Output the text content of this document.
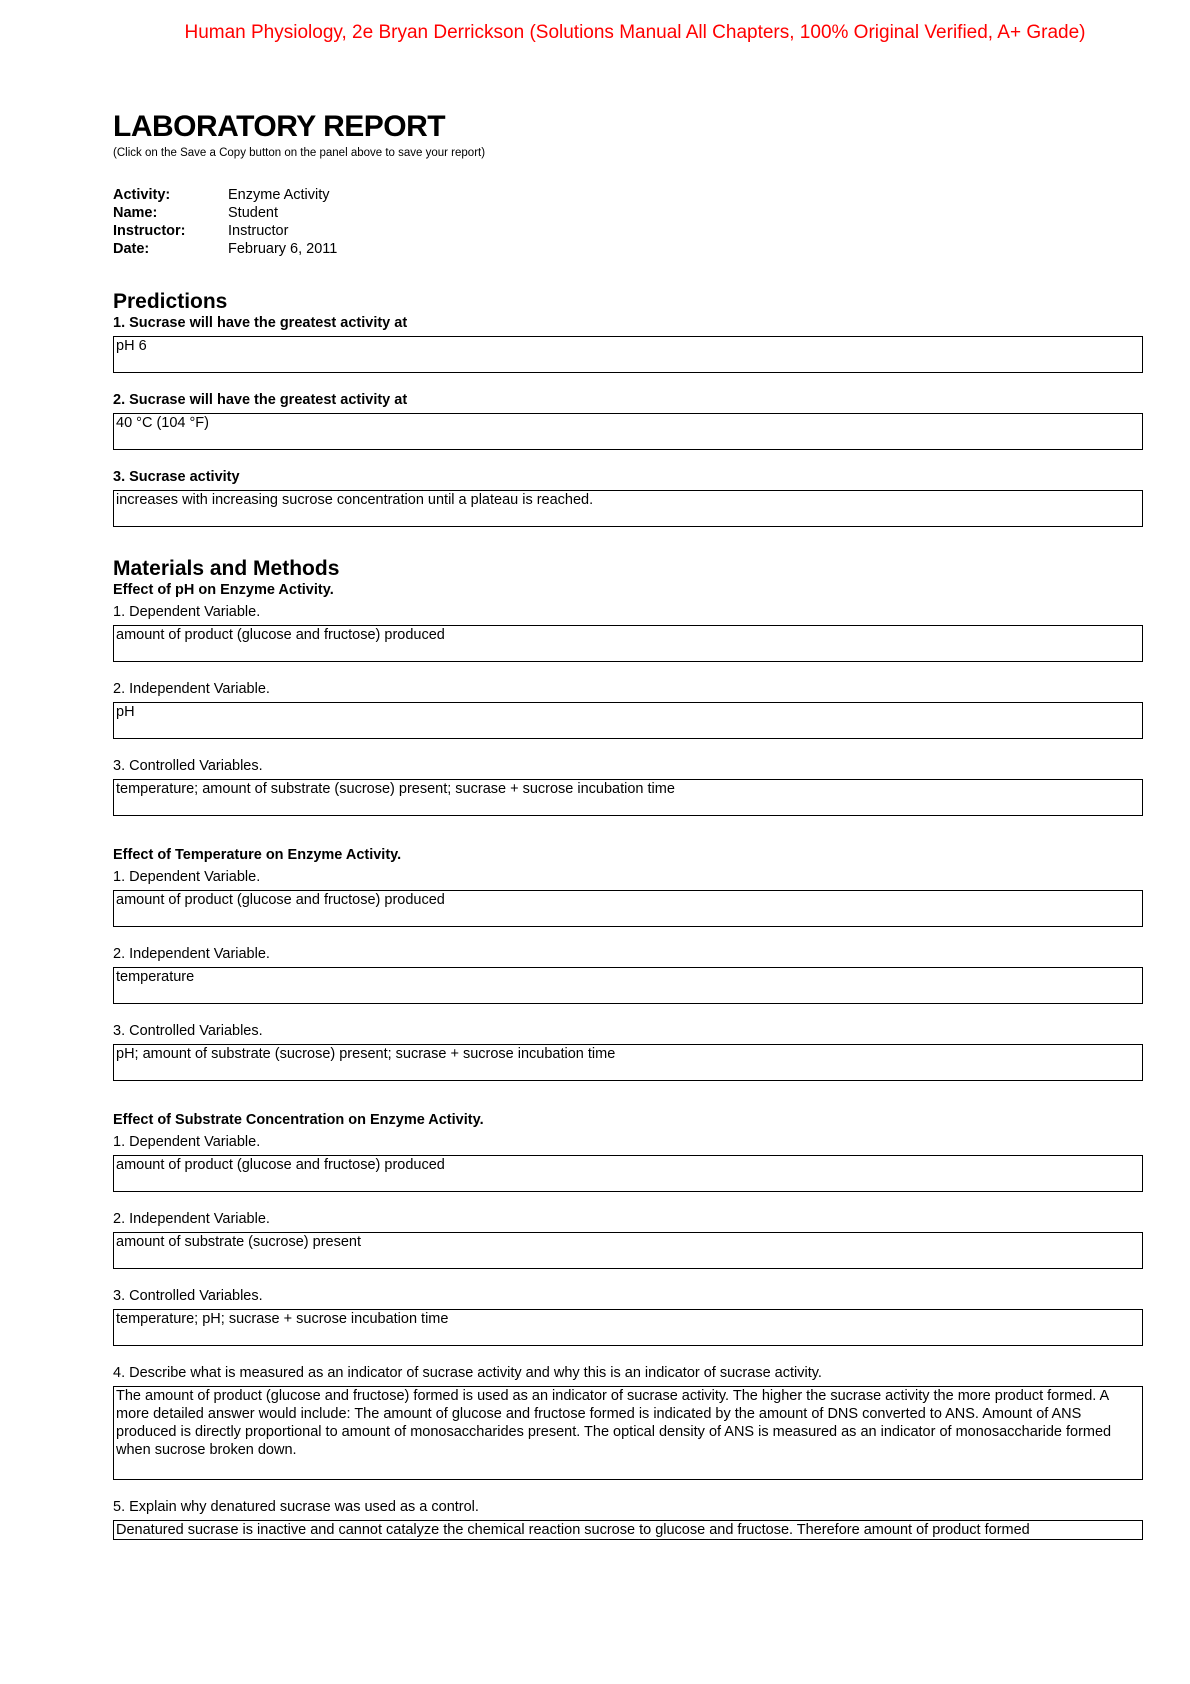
Human Physiology, 2e Bryan Derrickson (Solutions Manual All Chapters, 100% Original Verified, A+ Grade)
LABORATORY REPORT

(Click on the Save a Copy button on the panel above to save your report)

Activity:	Enzyme Activity
Name:	Student
Instructor:	Instructor
Date:	February 6, 2011
Predictions
1. Sucrase will have the greatest activity at
pH 6
2. Sucrase will have the greatest activity at
40 °C (104 °F)
3. Sucrase activity
increases with increasing sucrose concentration until a plateau is reached.
Materials and Methods
Effect of pH on Enzyme Activity.
1. Dependent Variable.
amount of product (glucose and fructose) produced
2. Independent Variable.
pH
3. Controlled Variables.
temperature; amount of substrate (sucrose) present; sucrase + sucrose incubation time
Effect of Temperature on Enzyme Activity.
1. Dependent Variable.
amount of product (glucose and fructose) produced
2. Independent Variable.
temperature
3. Controlled Variables.
pH; amount of substrate (sucrose) present; sucrase + sucrose incubation time
Effect of Substrate Concentration on Enzyme Activity.
1. Dependent Variable.
amount of product (glucose and fructose) produced
2. Independent Variable.
amount of substrate (sucrose) present
3. Controlled Variables.
temperature; pH; sucrase + sucrose incubation time
4. Describe what is measured as an indicator of sucrase activity and why this is an indicator of sucrase activity.
The amount of product (glucose and fructose) formed is used as an indicator of sucrase activity. The higher the sucrase activity the more product formed. A more detailed answer would include: The amount of glucose and fructose formed is indicated by the amount of DNS converted to ANS. Amount of ANS produced is directly proportional to amount of monosaccharides present. The optical density of ANS is measured as an indicator of monosaccharide formed when sucrose broken down.
5. Explain why denatured sucrase was used as a control.
Denatured sucrase is inactive and cannot catalyze the chemical reaction sucrose to glucose and fructose. Therefore amount of product formed
